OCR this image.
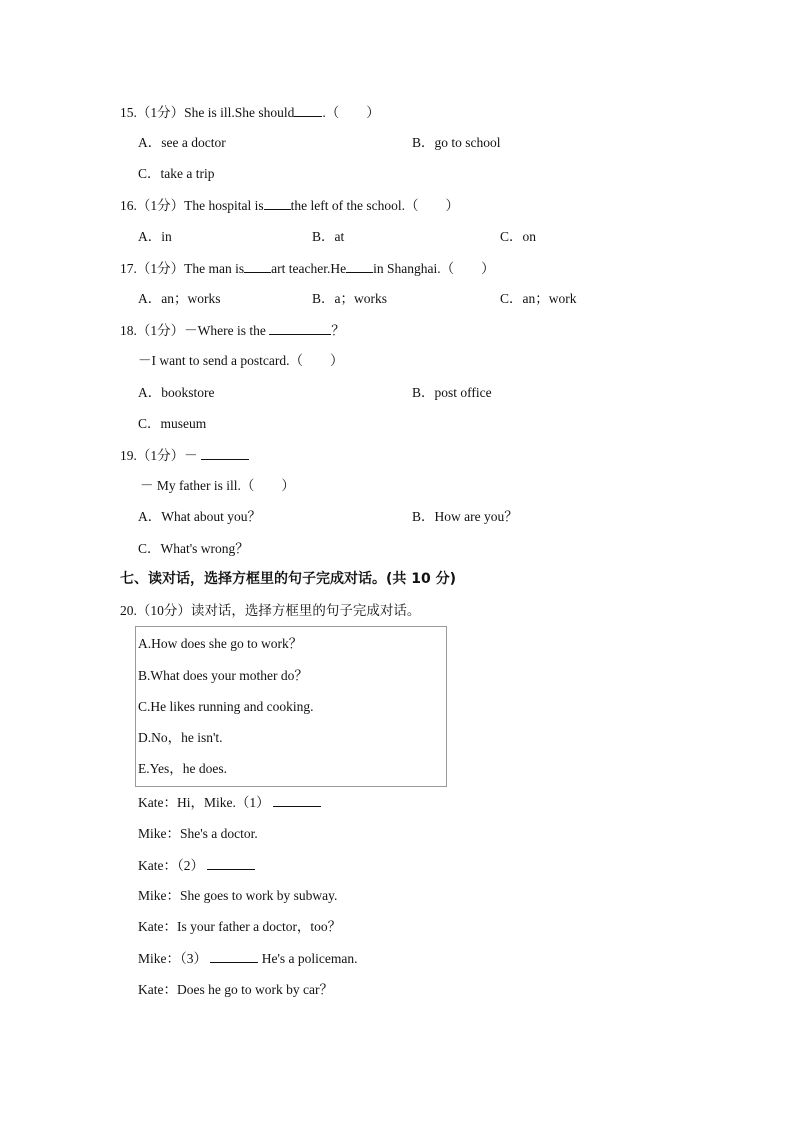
15.（1分）She is ill.She should .（　　）
A．see a doctor	B．go to school
C．take a trip
16.（1分）The hospital is the left of the school.（　　）
A．in	B．at	C．on
17.（1分）The man is art teacher.He in Shanghai.（　　）
A．an；works	B．a；works	C．an；work
18.（1分）－Where is the	？
－I want to send a postcard.（　　）
A．bookstore	B．post office
C．museum
19.（1分）－
－ My father is ill.（　　）
A．What about you？	B．How are you？
C．What's wrong？
七、读对话，选择方框里的句子完成对话。(共 10 分)
20.（10分）读对话，选择方框里的句子完成对话。
A.How does she go to work？
B.What does your mother do？
C.He likes running and cooking.
D.No，he isn't.
E.Yes，he does.
Kate：Hi，Mike.（1）
Mike：She's a doctor.
Kate：（2）
Mike：She goes to work by subway.
Kate：Is your father a doctor，too？
Mike：（3）	He's a policeman.
Kate：Does he go to work by car？
